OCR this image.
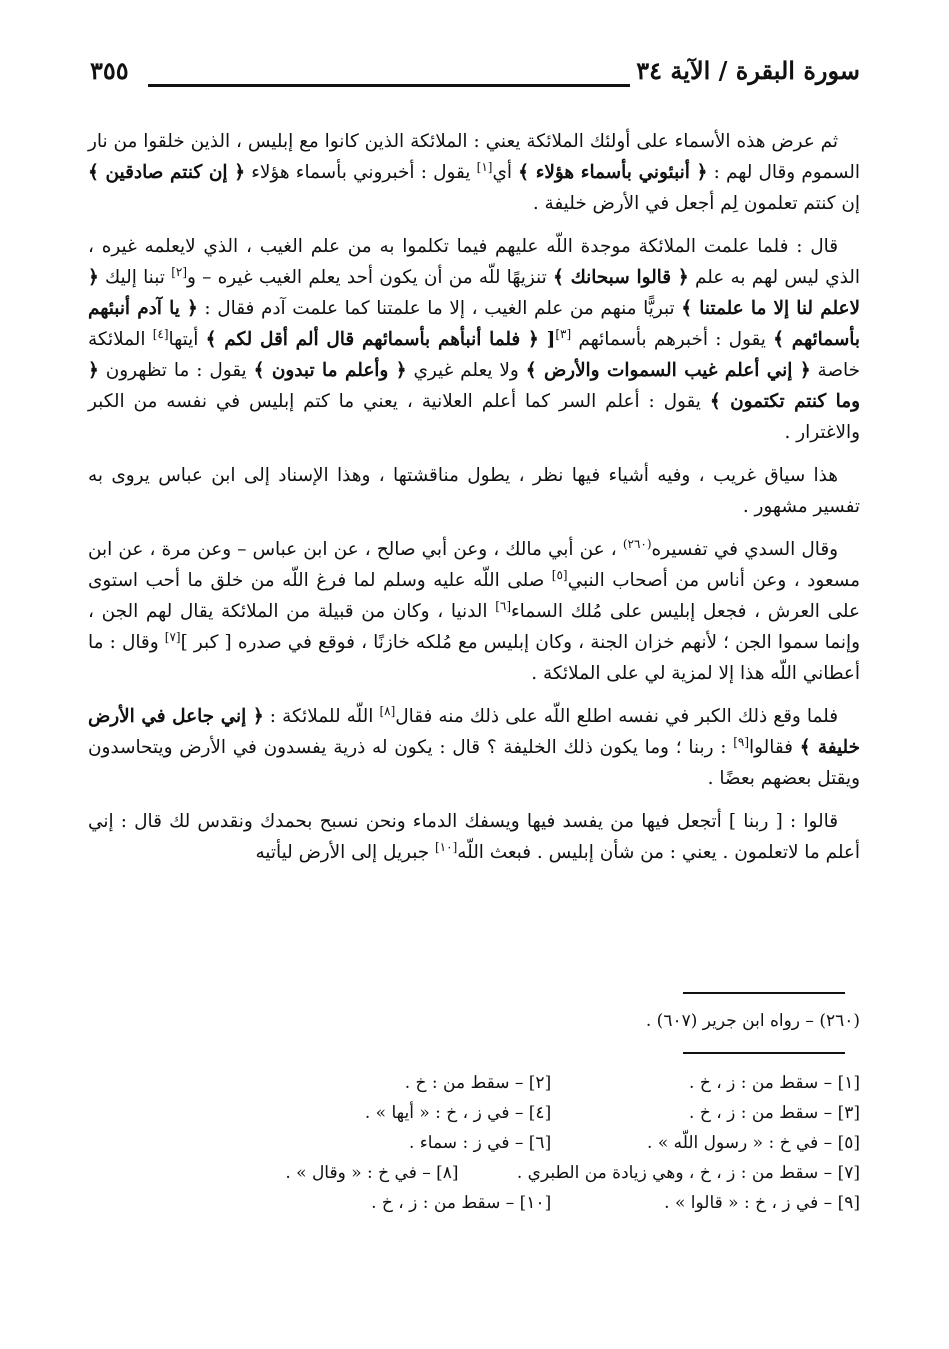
٣٥٥	سورة البقرة / الآية ٣٤

ثم عرض هذه الأسماء على أولئك الملائكة يعني : الملائكة الذين كانوا مع إبليس ، الذين خلقوا من نار السموم وقال لهم : ﴿ أنبئوني بأسماء هؤلاء ﴾ أي[١] يقول : أخبروني بأسماء هؤلاء ﴿ إن كنتم صادقين ﴾ إن كنتم تعلمون لِم أجعل في الأرض خليفة .

قال : فلما علمت الملائكة موجدة اللّه عليهم فيما تكلموا به من علم الغيب ، الذي لايعلمه غيره ، الذي ليس لهم به علم ﴿ قالوا سبحانك ﴾ تنزيهًا للّه من أن يكون أحد يعلم الغيب غيره – و[٢] تبنا إليك ﴿ لاعلم لنا إلا ما علمتنا ﴾ تبريًّا منهم من علم الغيب ، إلا ما علمتنا كما علمت آدم فقال : ﴿ يا آدم أنبئهم بأسمائهم ﴾ يقول : أخبرهم بأسمائهم [٣][ ﴿ فلما أنبأهم بأسمائهم قال ألم أقل لكم ﴾ أيتها[٤] الملائكة خاصة ﴿ إني أعلم غيب السموات والأرض ﴾ ولا يعلم غيري ﴿ وأعلم ما تبدون ﴾ يقول : ما تظهرون ﴿ وما كنتم تكتمون ﴾ يقول : أعلم السر كما أعلم العلانية ، يعني ما كتم إبليس في نفسه من الكبر والاغترار .

هذا سياق غريب ، وفيه أشياء فيها نظر ، يطول مناقشتها ، وهذا الإسناد إلى ابن عباس يروى به تفسير مشهور .

وقال السدي في تفسيره$^{(٢٦٠)}$ ، عن أبي مالك ، وعن أبي صالح ، عن ابن عباس – وعن مرة ، عن ابن مسعود ، وعن أناس من أصحاب النبي[٥] صلى اللّه عليه وسلم لما فرغ اللّه من خلق ما أحب استوى على العرش ، فجعل إبليس على مُلك السماء[٦] الدنيا ، وكان من قبيلة من الملائكة يقال لهم الجن ، وإنما سموا الجن ؛ لأنهم خزان الجنة ، وكان إبليس مع مُلكه خازنًا ، فوقع في صدره [ كبر ][٧] وقال : ما أعطاني اللّه هذا إلا لمزية لي على الملائكة .

فلما وقع ذلك الكبر في نفسه اطلع اللّه على ذلك منه فقال[٨] اللّه للملائكة : ﴿ إني جاعل في الأرض خليفة ﴾ فقالوا[٩] : ربنا ؛ وما يكون ذلك الخليفة ؟ قال : يكون له ذرية يفسدون في الأرض ويتحاسدون ويقتل بعضهم بعضًا .

قالوا : [ ربنا ] أتجعل فيها من يفسد فيها ويسفك الدماء ونحن نسبح بحمدك ونقدس لك قال : إني أعلم ما لاتعلمون . يعني : من شأن إبليس . فبعث اللّه[١٠] جبريل إلى الأرض ليأتيه

(٢٦٠) – رواه ابن جرير (٦٠٧) .
[١] – سقط من : ز ، خ .
[٢] – سقط من : خ .
[٣] – سقط من : ز ، خ .
[٤] – في ز ، خ : « أيها » .
[٥] – في خ : « رسول اللّه » .
[٦] – في ز : سماء .
[٧] – سقط من : ز ، خ ، وهي زيادة من الطبري .
[٨] – في خ : « وقال » .
[٩] – في ز ، خ : « قالوا » .
[١٠] – سقط من : ز ، خ .
